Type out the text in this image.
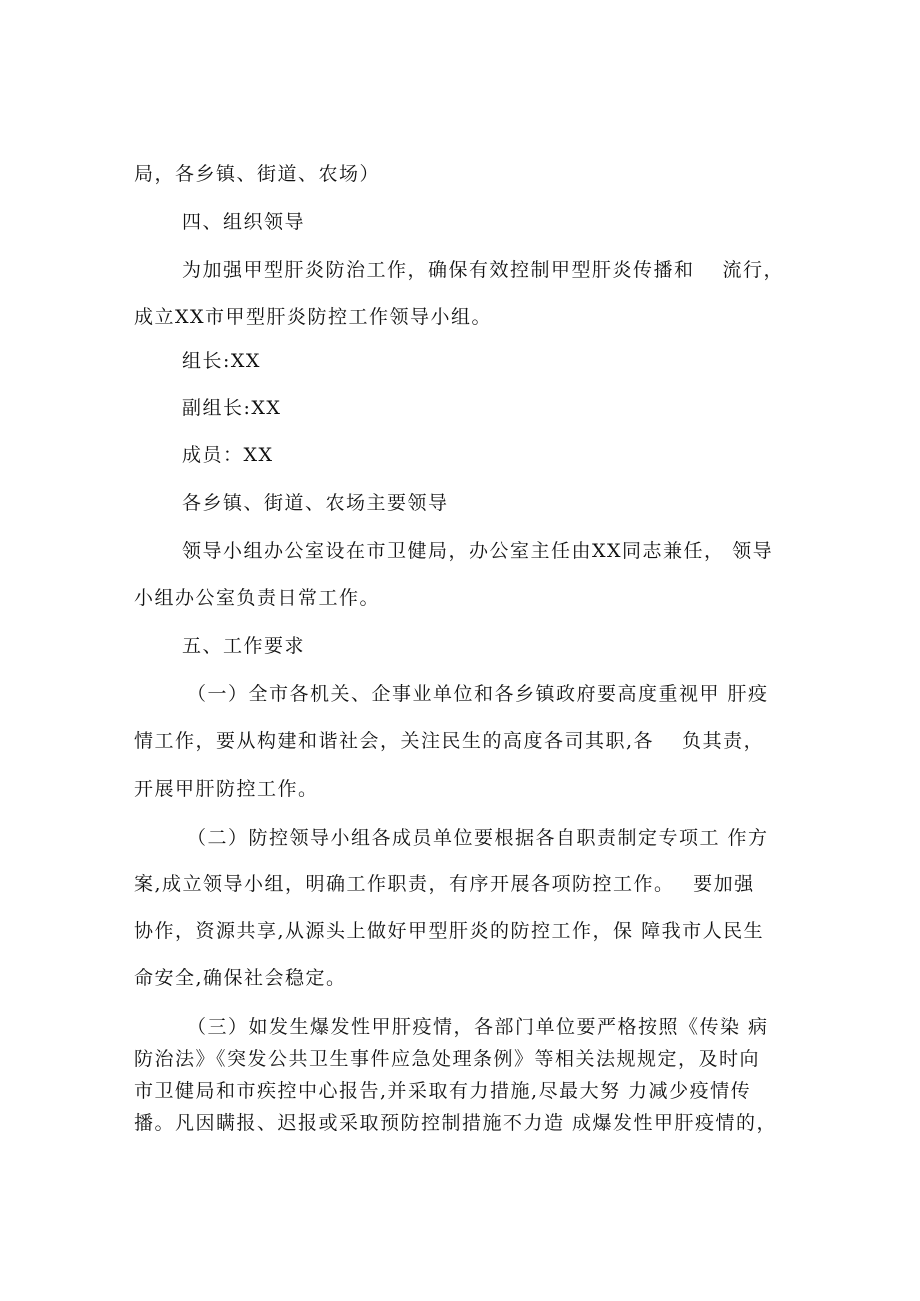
局，各乡镇、街道、农场）
四、组织领导
为加强甲型肝炎防治工作，确保有效控制甲型肝炎传播和　 流行，
成立XX市甲型肝炎防控工作领导小组。
组长:XX
副组长:XX
成员：XX
各乡镇、街道、农场主要领导
领导小组办公室设在市卫健局，办公室主任由XX同志兼任， 领导
小组办公室负责日常工作。
五、工作要求
（一）全市各机关、企事业单位和各乡镇政府要高度重视甲 肝疫
情工作，要从构建和谐社会，关注民生的高度各司其职,各　 负其责，
开展甲肝防控工作。
（二）防控领导小组各成员单位要根据各自职责制定专项工 作方
案,成立领导小组，明确工作职责，有序开展各项防控工作。　 要加强
协作，资源共享,从源头上做好甲型肝炎的防控工作，保 障我市人民生
命安全,确保社会稳定。
（三）如发生爆发性甲肝疫情，各部门单位要严格按照《传染 病
防治法》《突发公共卫生事件应急处理条例》等相关法规规定，及时向
市卫健局和市疾控中心报告,并采取有力措施,尽最大努 力减少疫情传
播。凡因瞒报、迟报或采取预防控制措施不力造 成爆发性甲肝疫情的，
